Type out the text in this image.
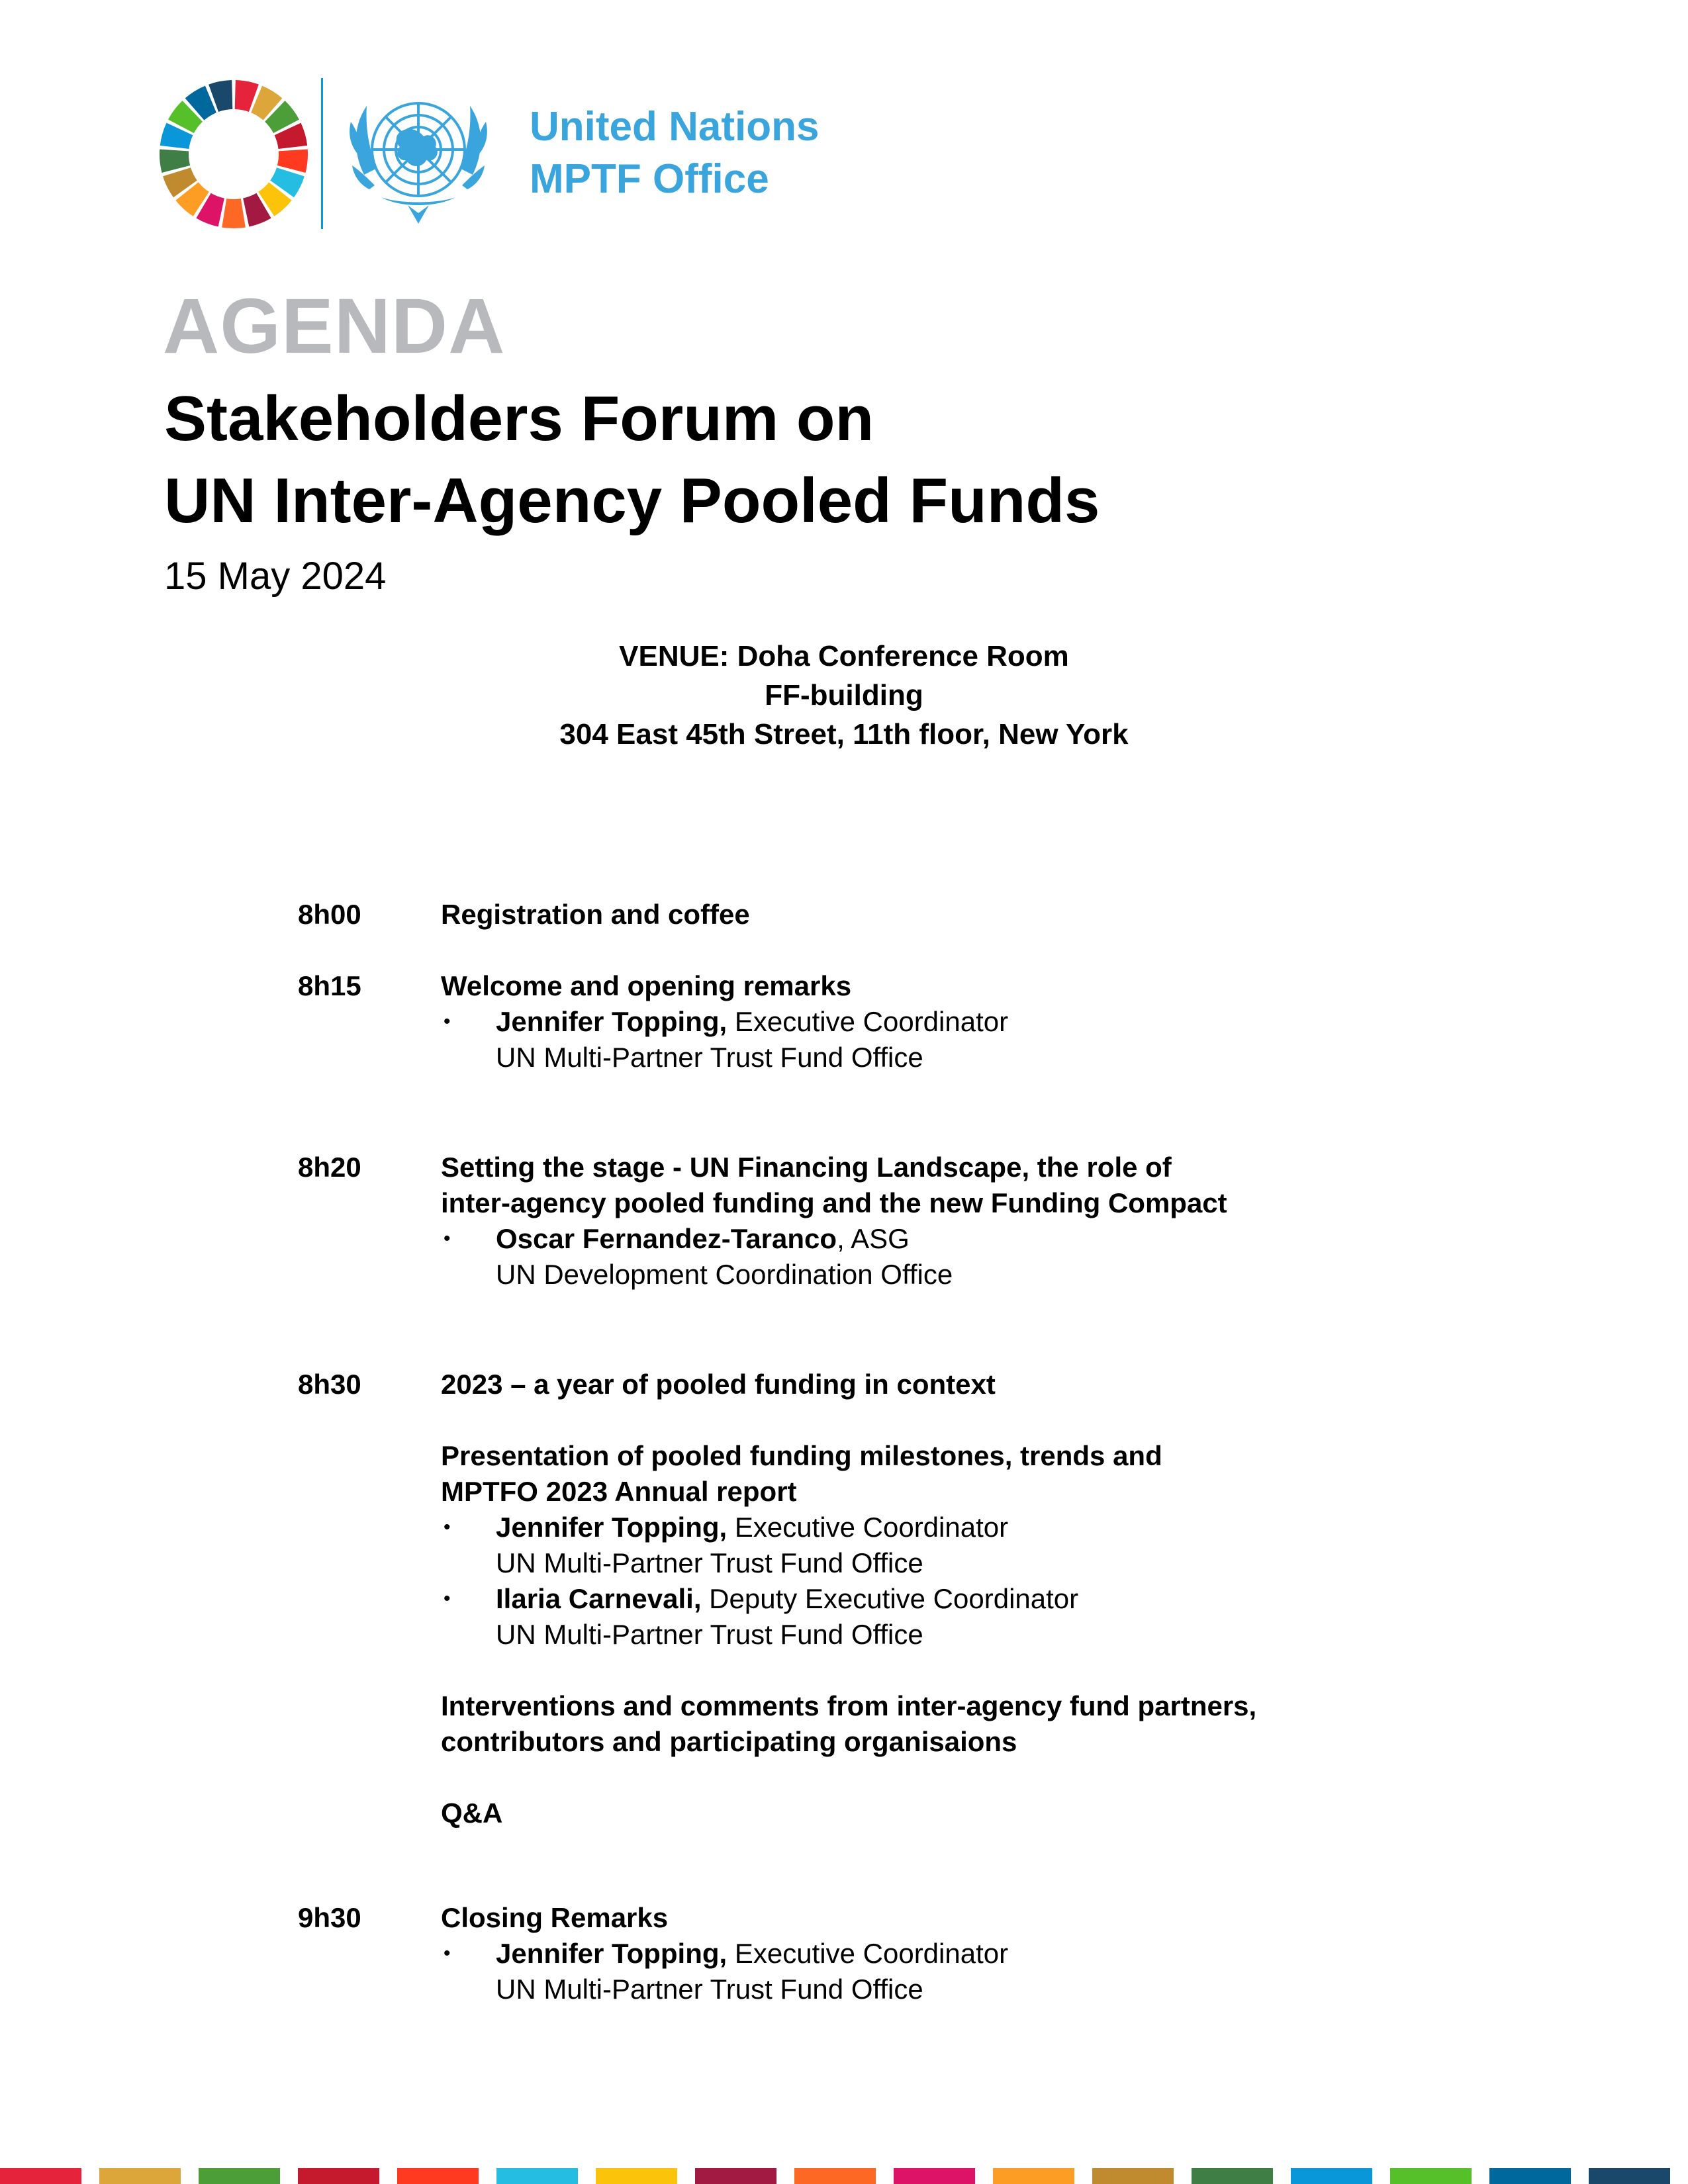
United Nations
MPTF Office
AGENDA
Stakeholders Forum on
UN Inter-Agency Pooled Funds
15 May 2024
VENUE: Doha Conference Room
FF-building
304 East 45th Street, 11th floor, New York
8h00	Registration and coffee
8h15	Welcome and opening remarks
• Jennifer Topping, Executive Coordinator
UN Multi-Partner Trust Fund Office
8h20	Setting the stage - UN Financing Landscape, the role of
inter-agency pooled funding and the new Funding Compact
• Oscar Fernandez-Taranco, ASG
UN Development Coordination Office
8h30	2023 – a year of pooled funding in context
Presentation of pooled funding milestones, trends and
MPTFO 2023 Annual report
• Jennifer Topping, Executive Coordinator
UN Multi-Partner Trust Fund Office
• Ilaria Carnevali, Deputy Executive Coordinator
UN Multi-Partner Trust Fund Office
Interventions and comments from inter-agency fund partners,
contributors and participating organisaions
Q&A
9h30	Closing Remarks
• Jennifer Topping, Executive Coordinator
UN Multi-Partner Trust Fund Office
